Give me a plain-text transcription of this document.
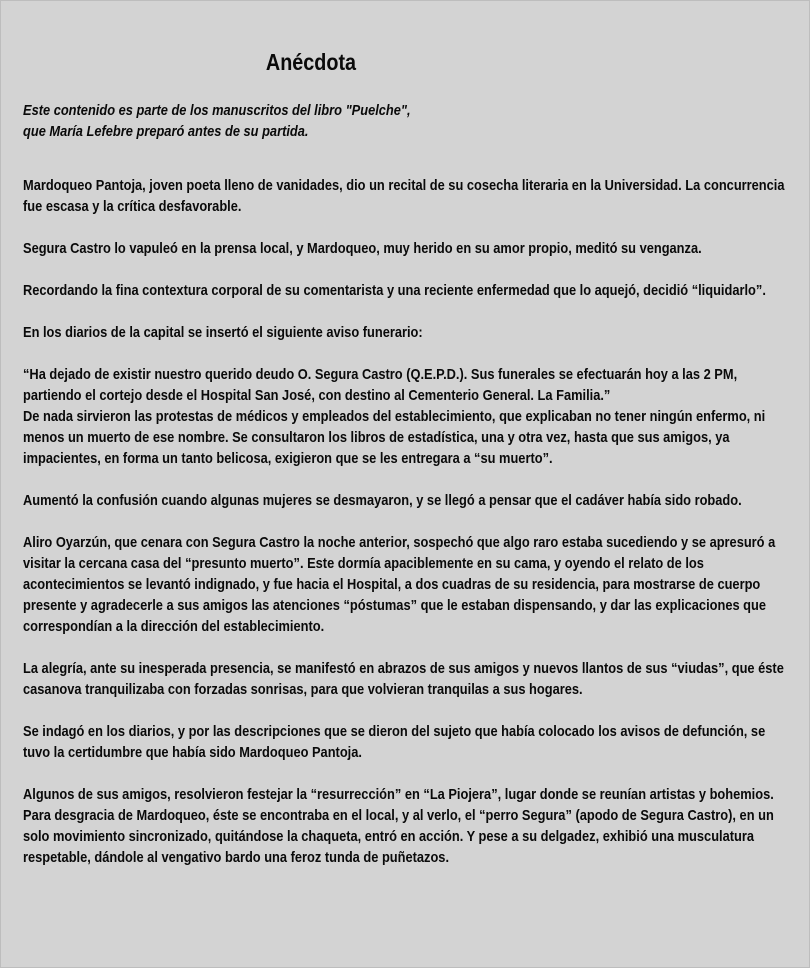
Anécdota

Este contenido es parte de los manuscritos del libro "Puelche",

que María Lefebre preparó antes de su partida.

Mardoqueo Pantoja, joven poeta lleno de vanidades, dio un recital de su cosecha literaria en la Universidad. La concurrencia fue escasa y la crítica desfavorable.

Segura Castro lo vapuleó en la prensa local, y Mardoqueo, muy herido en su amor propio, meditó su venganza.

Recordando la fina contextura corporal de su comentarista y una reciente enfermedad que lo aquejó, decidió “liquidarlo”.

En los diarios de la capital se insertó el siguiente aviso funerario:

“Ha dejado de existir nuestro querido deudo O. Segura Castro (Q.E.P.D.). Sus funerales se efectuarán hoy a las 2 PM, partiendo el cortejo desde el Hospital San José, con destino al Cementerio General. La Familia.”

De nada sirvieron las protestas de médicos y empleados del establecimiento, que explicaban no tener ningún enfermo, ni menos un muerto de ese nombre. Se consultaron los libros de estadística, una y otra vez, hasta que sus amigos, ya impacientes, en forma un tanto belicosa, exigieron que se les entregara a “su muerto”.

Aumentó la confusión cuando algunas mujeres se desmayaron, y se llegó a pensar que el cadáver había sido robado.

Aliro Oyarzún, que cenara con Segura Castro la noche anterior, sospechó que algo raro estaba sucediendo y se apresuró a visitar la cercana casa del “presunto muerto”. Este dormía apaciblemente en su cama, y oyendo el relato de los acontecimientos se levantó indignado, y fue hacia el Hospital, a dos cuadras de su residencia, para mostrarse de cuerpo presente y agradecerle a sus amigos las atenciones “póstumas” que le estaban dispensando, y dar las explicaciones que correspondían a la dirección del establecimiento.

La alegría, ante su inesperada presencia, se manifestó en abrazos de sus amigos y nuevos llantos de sus “viudas”, que éste casanova tranquilizaba con forzadas sonrisas, para que volvieran tranquilas a sus hogares.

Se indagó en los diarios, y por las descripciones que se dieron del sujeto que había colocado los avisos de defunción, se tuvo la certidumbre que había sido Mardoqueo Pantoja.

Algunos de sus amigos, resolvieron festejar la “resurrección” en “La Piojera”, lugar donde se reunían artistas y bohemios. Para desgracia de Mardoqueo, éste se encontraba en el local, y al verlo, el “perro Segura” (apodo de Segura Castro), en un solo movimiento sincronizado, quitándose la chaqueta, entró en acción. Y pese a su delgadez, exhibió una musculatura respetable, dándole al vengativo bardo una feroz tunda de puñetazos.
